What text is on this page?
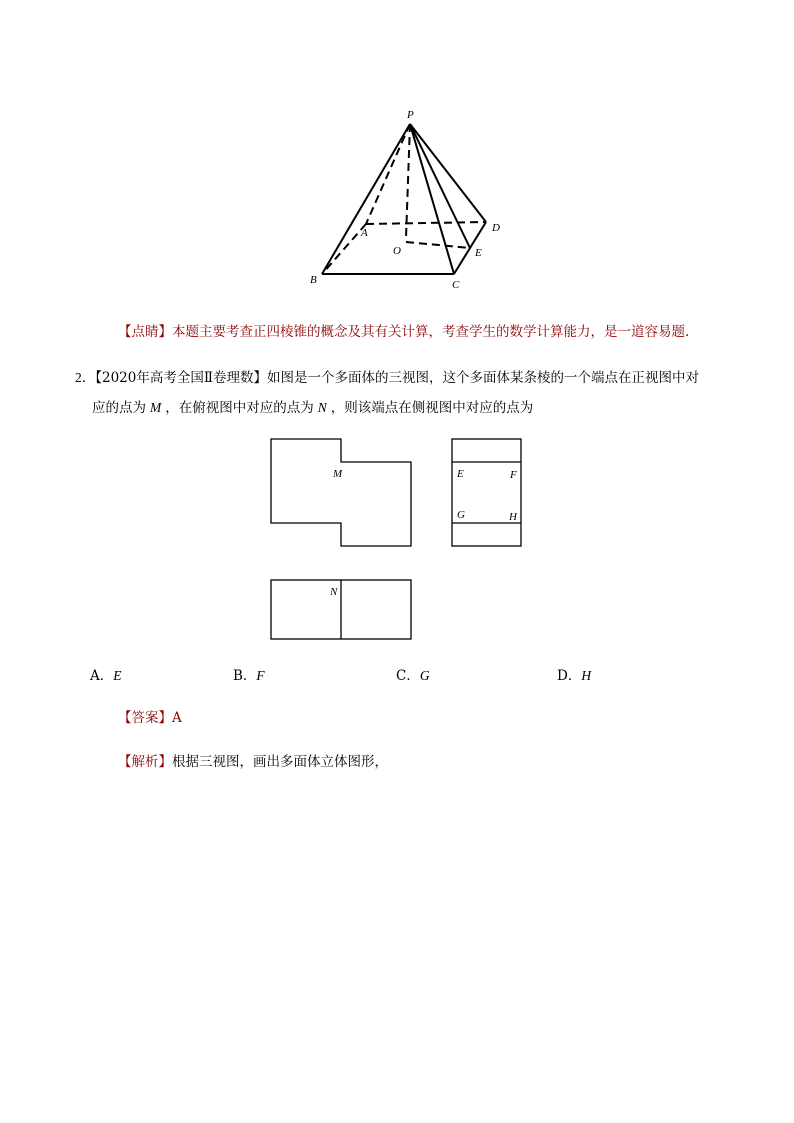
P
A
B	C
D
E
O
【点睛】本题主要考查正四棱锥的概念及其有关计算，考查学生的数学计算能力，是一道容易题.
2．【2020年高考全国Ⅱ卷理数】如图是一个多面体的三视图，这个多面体某条棱的一个端点在正视图中对
应的点为 M ，在俯视图中对应的点为 N ，则该端点在侧视图中对应的点为
M	E	F
G	H
N
A．E	B．F	C．G	D．H
【答案】A
【解析】根据三视图，画出多面体立体图形，
